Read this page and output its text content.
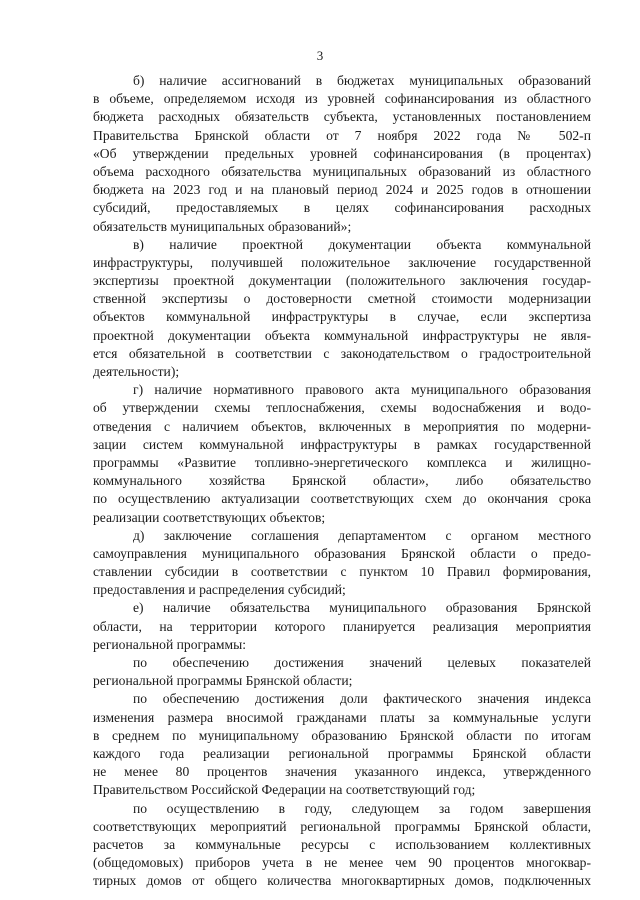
3
б) наличие ассигнований в бюджетах муниципальных образований
в объеме, определяемом исходя из уровней софинансирования из областного
бюджета расходных обязательств субъекта, установленных постановлением
Правительства Брянской области от 7 ноября 2022 года № 502-п
«Об утверждении предельных уровней софинансирования (в процентах)
объема расходного обязательства муниципальных образований из областного
бюджета на 2023 год и на плановый период 2024 и 2025 годов в отношении
субсидий, предоставляемых в целях софинансирования расходных
обязательств муниципальных образований»;
в) наличие проектной документации объекта коммунальной
инфраструктуры, получившей положительное заключение государственной
экспертизы проектной документации (положительного заключения государ-
ственной экспертизы о достоверности сметной стоимости модернизации
объектов коммунальной инфраструктуры в случае, если экспертиза
проектной документации объекта коммунальной инфраструктуры не явля-
ется обязательной в соответствии с законодательством о градостроительной
деятельности);
г) наличие нормативного правового акта муниципального образования
об утверждении схемы теплоснабжения, схемы водоснабжения и водо-
отведения с наличием объектов, включенных в мероприятия по модерни-
зации систем коммунальной инфраструктуры в рамках государственной
программы «Развитие топливно-энергетического комплекса и жилищно-
коммунального хозяйства Брянской области», либо обязательство
по осуществлению актуализации соответствующих схем до окончания срока
реализации соответствующих объектов;
д) заключение соглашения департаментом с органом местного
самоуправления муниципального образования Брянской области о предо-
ставлении субсидии в соответствии с пунктом 10 Правил формирования,
предоставления и распределения субсидий;
е) наличие обязательства муниципального образования Брянской
области, на территории которого планируется реализация мероприятия
региональной программы:
по обеспечению достижения значений целевых показателей
региональной программы Брянской области;
по обеспечению достижения доли фактического значения индекса
изменения размера вносимой гражданами платы за коммунальные услуги
в среднем по муниципальному образованию Брянской области по итогам
каждого года реализации региональной программы Брянской области
не менее 80 процентов значения указанного индекса, утвержденного
Правительством Российской Федерации на соответствующий год;
по осуществлению в году, следующем за годом завершения
соответствующих мероприятий региональной программы Брянской области,
расчетов за коммунальные ресурсы с использованием коллективных
(общедомовых) приборов учета в не менее чем 90 процентов многоквар-
тирных домов от общего количества многоквартирных домов, подключенных
